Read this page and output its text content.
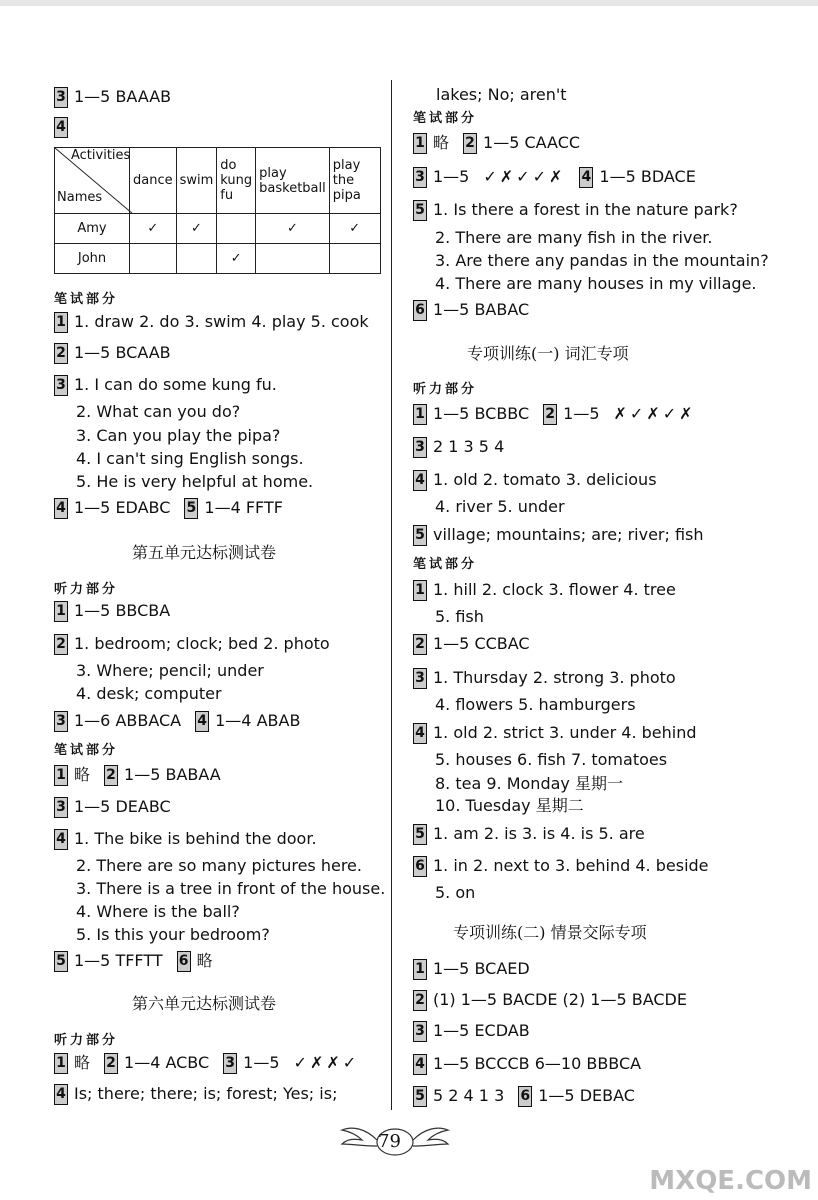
3 1—5 BAAAB
4
Activities
Names	dance	swim	do kung fu	play basketball	play the pipa
Amy	✓	✓		✓	✓
John			✓		
笔试部分
1 1. draw 2. do 3. swim 4. play 5. cook
2 1—5 BCAAB
3 1. I can do some kung fu.
2. What can you do?
3. Can you play the pipa?
4. I can't sing English songs.
5. He is very helpful at home.
4 1—5 EDABC 5 1—4 FFTF
第五单元达标测试卷
听力部分
1 1—5 BBCBA
2 1. bedroom; clock; bed 2. photo
3. Where; pencil; under
4. desk; computer
3 1—6 ABBACA 4 1—4 ABAB
笔试部分
1 略 2 1—5 BABAA
3 1—5 DEABC
4 1. The bike is behind the door.
2. There are so many pictures here.
3. There is a tree in front of the house.
4. Where is the ball?
5. Is this your bedroom?
5 1—5 TFFTT 6 略
第六单元达标测试卷
听力部分
1 略 2 1—4 ACBC 3 1—5 ✓✗✗✓
4 Is; there; there; is; forest; Yes; is;
lakes; No; aren't
笔试部分
1 略 2 1—5 CAACC
3 1—5 ✓✗✓✓✗ 4 1—5 BDACE
5 1. Is there a forest in the nature park?
2. There are many fish in the river.
3. Are there any pandas in the mountain?
4. There are many houses in my village.
6 1—5 BABAC
专项训练(一) 词汇专项
听力部分
1 1—5 BCBBC 2 1—5 ✗✓✗✓✗
3 2 1 3 5 4
4 1. old 2. tomato 3. delicious
4. river 5. under
5 village; mountains; are; river; fish
笔试部分
1 1. hill 2. clock 3. flower 4. tree
5. fish
2 1—5 CCBAC
3 1. Thursday 2. strong 3. photo
4. flowers 5. hamburgers
4 1. old 2. strict 3. under 4. behind
5. houses 6. fish 7. tomatoes
8. tea 9. Monday 星期一
10. Tuesday 星期二
5 1. am 2. is 3. is 4. is 5. are
6 1. in 2. next to 3. behind 4. beside
5. on
专项训练(二) 情景交际专项
1 1—5 BCAED
2 (1) 1—5 BACDE (2) 1—5 BACDE
3 1—5 ECDAB
4 1—5 BCCCB 6—10 BBBCA
5 5 2 4 1 3 6 1—5 DEBAC
79
MXQE.COM
